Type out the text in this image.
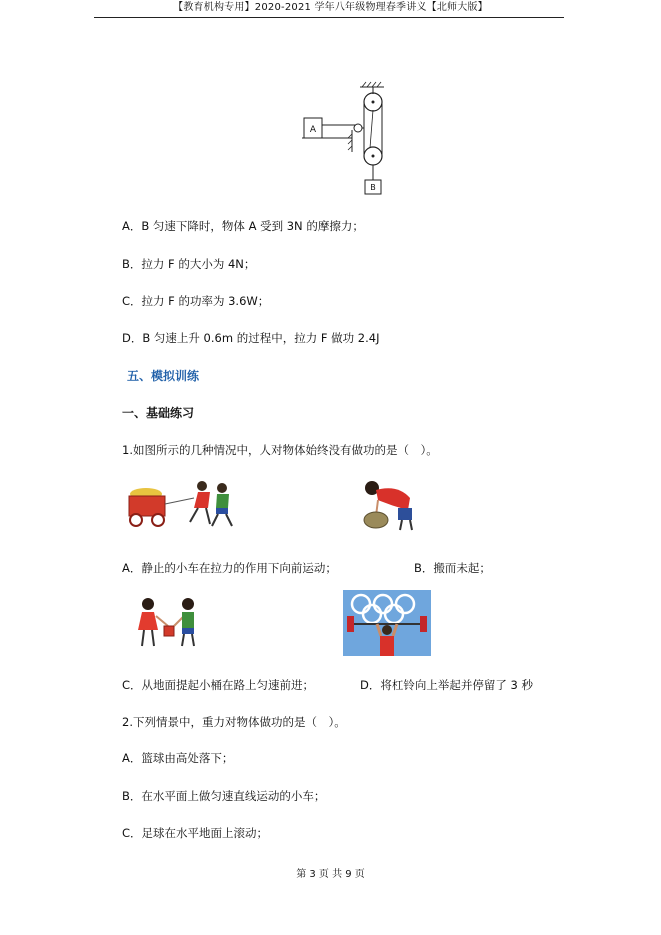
【教育机构专用】2020-2021 学年八年级物理春季讲义【北师大版】
A
B
A．B 匀速下降时，物体 A 受到 3N 的摩擦力；
B．拉力 F 的大小为 4N；
C．拉力 F 的功率为 3.6W；
D．B 匀速上升 0.6m 的过程中，拉力 F 做功 2.4J
五、模拟训练
一、基础练习
1.如图所示的几种情况中，人对物体始终没有做功的是（　）。
A．静止的小车在拉力的作用下向前运动；	B．搬而未起；
C．从地面提起小桶在路上匀速前进；	D．将杠铃向上举起并停留了 3 秒
2.下列情景中，重力对物体做功的是（　）。
A．篮球由高处落下；
B．在水平面上做匀速直线运动的小车；
C．足球在水平地面上滚动；
第 3 页 共 9 页
